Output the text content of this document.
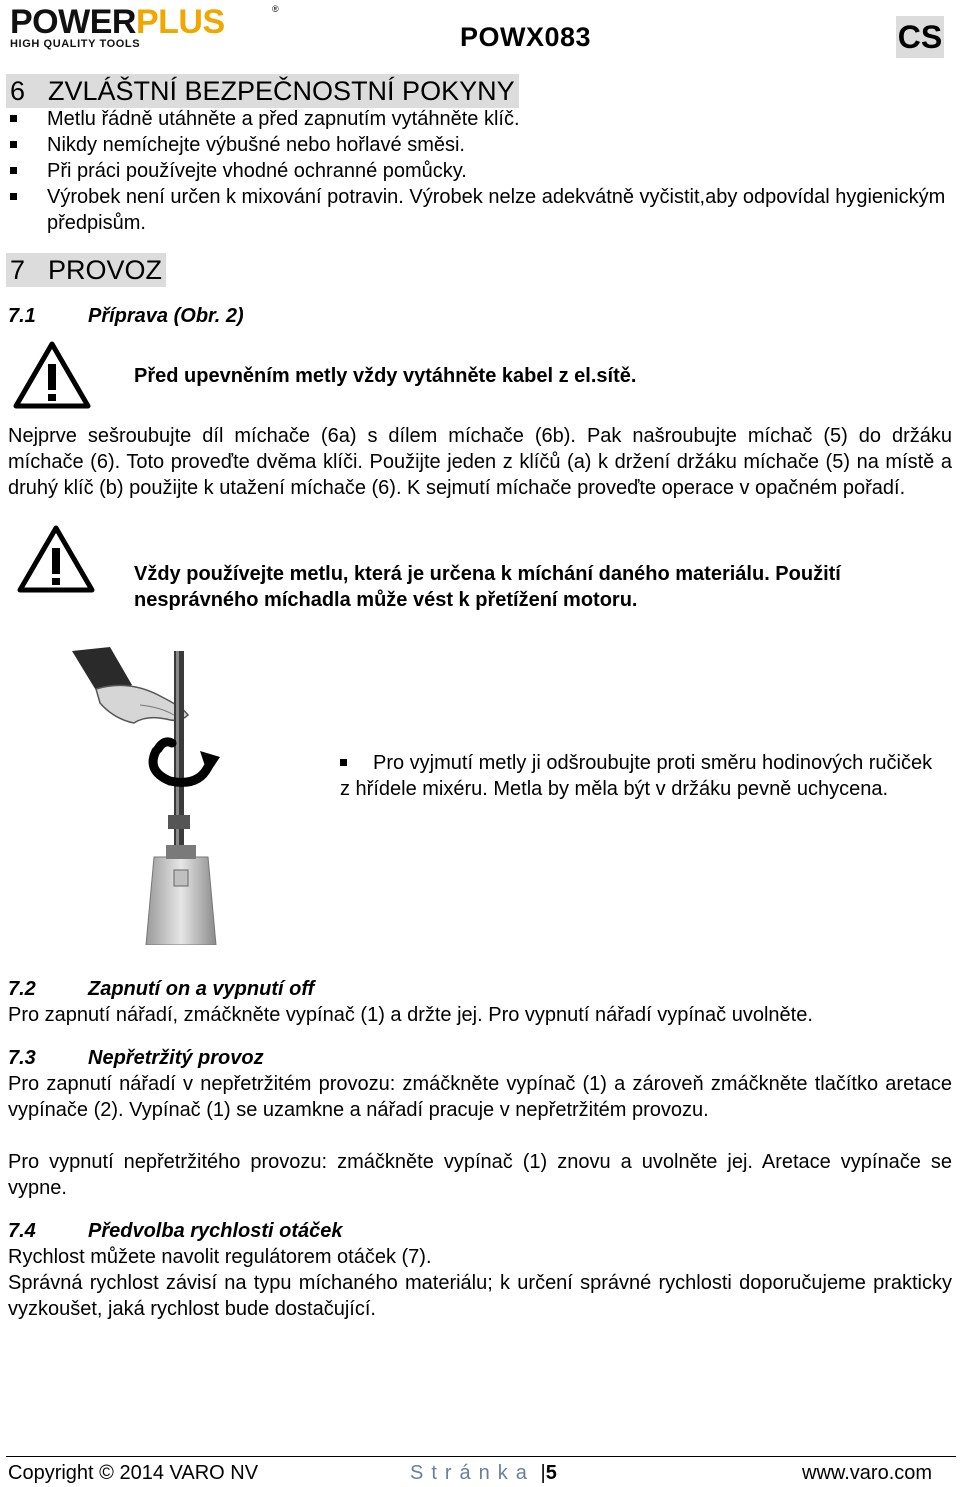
POWERPLUS	®
HIGH QUALITY TOOLS	POWX083	CS
6 ZVLÁŠTNÍ BEZPEČNOSTNÍ POKYNY
Metlu řádně utáhněte a před zapnutím vytáhněte klíč.
Nikdy nemíchejte výbušné nebo hořlavé směsi.
Při práci používejte vhodné ochranné pomůcky.
Výrobek není určen k mixování potravin. Výrobek nelze adekvátně vyčistit,aby odpovídal hygienickým předpisům.
7 PROVOZ
7.1	Příprava (Obr. 2)
Před upevněním metly vždy vytáhněte kabel z el.sítě.
Nejprve sešroubujte díl míchače (6a) s dílem míchače (6b). Pak našroubujte míchač (5) do držáku míchače (6). Toto proveďte dvěma klíči. Použijte jeden z klíčů (a) k držení držáku míchače (5) na místě a druhý klíč (b) použijte k utažení míchače (6). K sejmutí míchače proveďte operace v opačném pořadí.
Vždy používejte metlu, která je určena k míchání daného materiálu. Použití nesprávného míchadla může vést k přetížení motoru.
Pro vyjmutí metly ji odšroubujte proti směru hodinových ručiček z hřídele mixéru. Metla by měla být v držáku pevně uchycena.
7.2	Zapnutí on a vypnutí off
Pro zapnutí nářadí, zmáčkněte vypínač (1) a držte jej. Pro vypnutí nářadí vypínač uvolněte.
7.3	Nepřetržitý provoz
Pro zapnutí nářadí v nepřetržitém provozu: zmáčkněte vypínač (1) a zároveň zmáčkněte tlačítko aretace vypínače (2). Vypínač (1) se uzamkne a nářadí pracuje v nepřetržitém provozu.
Pro vypnutí nepřetržitého provozu: zmáčkněte vypínač (1) znovu a uvolněte jej. Aretace vypínače se vypne.
7.4	Předvolba rychlosti otáček
Rychlost můžete navolit regulátorem otáček (7).
Správná rychlost závisí na typu míchaného materiálu; k určení správné rychlosti doporučujeme prakticky vyzkoušet, jaká rychlost bude dostačující.
Copyright © 2014 VARO NV	Stránka |5	www.varo.com
